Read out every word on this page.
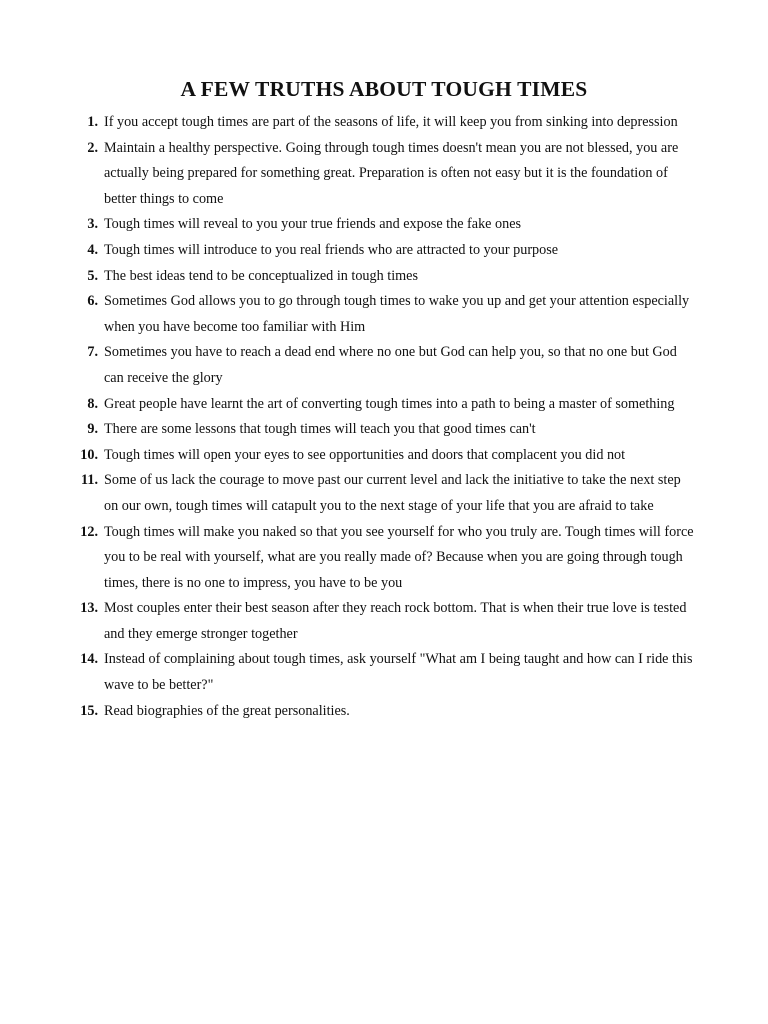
A FEW TRUTHS ABOUT TOUGH TIMES
1. If you accept tough times are part of the seasons of life, it will keep you from sinking into depression
2. Maintain a healthy perspective. Going through tough times doesn't mean you are not blessed, you are actually being prepared for something great. Preparation is often not easy but it is the foundation of better things to come
3. Tough times will reveal to you your true friends and expose the fake ones
4. Tough times will introduce to you real friends who are attracted to your purpose
5. The best ideas tend to be conceptualized in tough times
6. Sometimes God allows you to go through tough times to wake you up and get your attention especially when you have become too familiar with Him
7. Sometimes you have to reach a dead end where no one but God can help you, so that no one but God can receive the glory
8. Great people have learnt the art of converting tough times into a path to being a master of something
9. There are some lessons that tough times will teach you that good times can't
10. Tough times will open your eyes to see opportunities and doors that complacent you did not
11. Some of us lack the courage to move past our current level and lack the initiative to take the next step on our own, tough times will catapult you to the next stage of your life that you are afraid to take
12. Tough times will make you naked so that you see yourself for who you truly are. Tough times will force you to be real with yourself, what are you really made of? Because when you are going through tough times, there is no one to impress, you have to be you
13. Most couples enter their best season after they reach rock bottom. That is when their true love is tested and they emerge stronger together
14. Instead of complaining about tough times, ask yourself "What am I being taught and how can I ride this wave to be better?"
15. Read biographies of the great personalities.
